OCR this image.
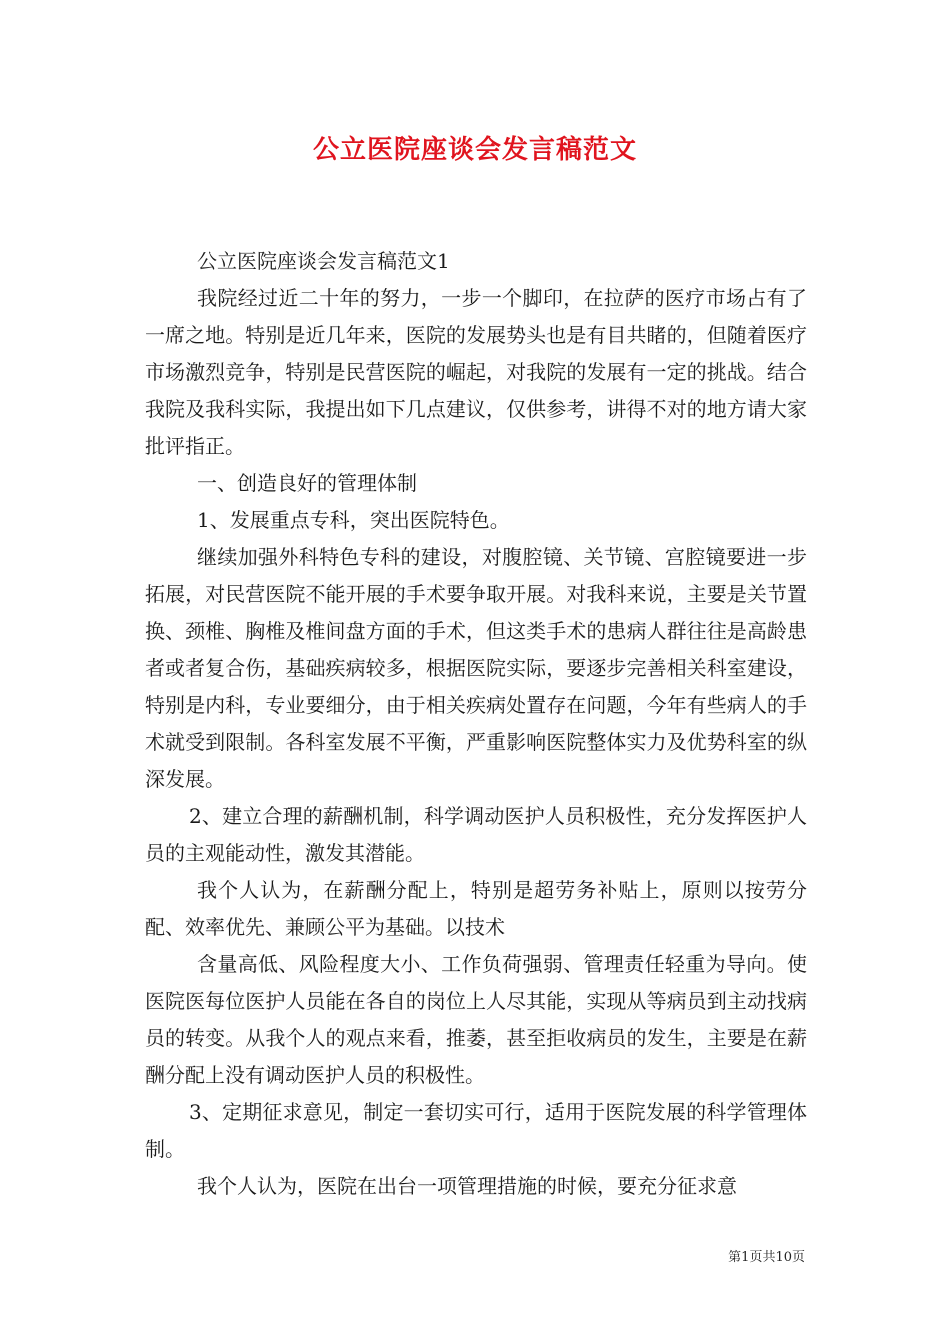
公立医院座谈会发言稿范文

公立医院座谈会发言稿范文1

我院经过近二十年的努力，一步一个脚印，在拉萨的医疗市场占有了一席之地。特别是近几年来，医院的发展势头也是有目共睹的，但随着医疗市场激烈竞争，特别是民营医院的崛起，对我院的发展有一定的挑战。结合我院及我科实际，我提出如下几点建议，仅供参考，讲得不对的地方请大家批评指正。

一、创造良好的管理体制

1、发展重点专科，突出医院特色。

继续加强外科特色专科的建设，对腹腔镜、关节镜、宫腔镜要进一步拓展，对民营医院不能开展的手术要争取开展。对我科来说，主要是关节置换、颈椎、胸椎及椎间盘方面的手术，但这类手术的患病人群往往是高龄患者或者复合伤，基础疾病较多，根据医院实际，要逐步完善相关科室建设，特别是内科，专业要细分，由于相关疾病处置存在问题，今年有些病人的手术就受到限制。各科室发展不平衡，严重影响医院整体实力及优势科室的纵深发展。

2、建立合理的薪酬机制，科学调动医护人员积极性，充分发挥医护人员的主观能动性，激发其潜能。

我个人认为，在薪酬分配上，特别是超劳务补贴上，原则以按劳分配、效率优先、兼顾公平为基础。以技术

含量高低、风险程度大小、工作负荷强弱、管理责任轻重为导向。使医院医每位医护人员能在各自的岗位上人尽其能，实现从等病员到主动找病员的转变。从我个人的观点来看，推萎，甚至拒收病员的发生，主要是在薪酬分配上没有调动医护人员的积极性。

3、定期征求意见，制定一套切实可行，适用于医院发展的科学管理体制。

我个人认为，医院在出台一项管理措施的时候，要充分征求意

第1页共10页
